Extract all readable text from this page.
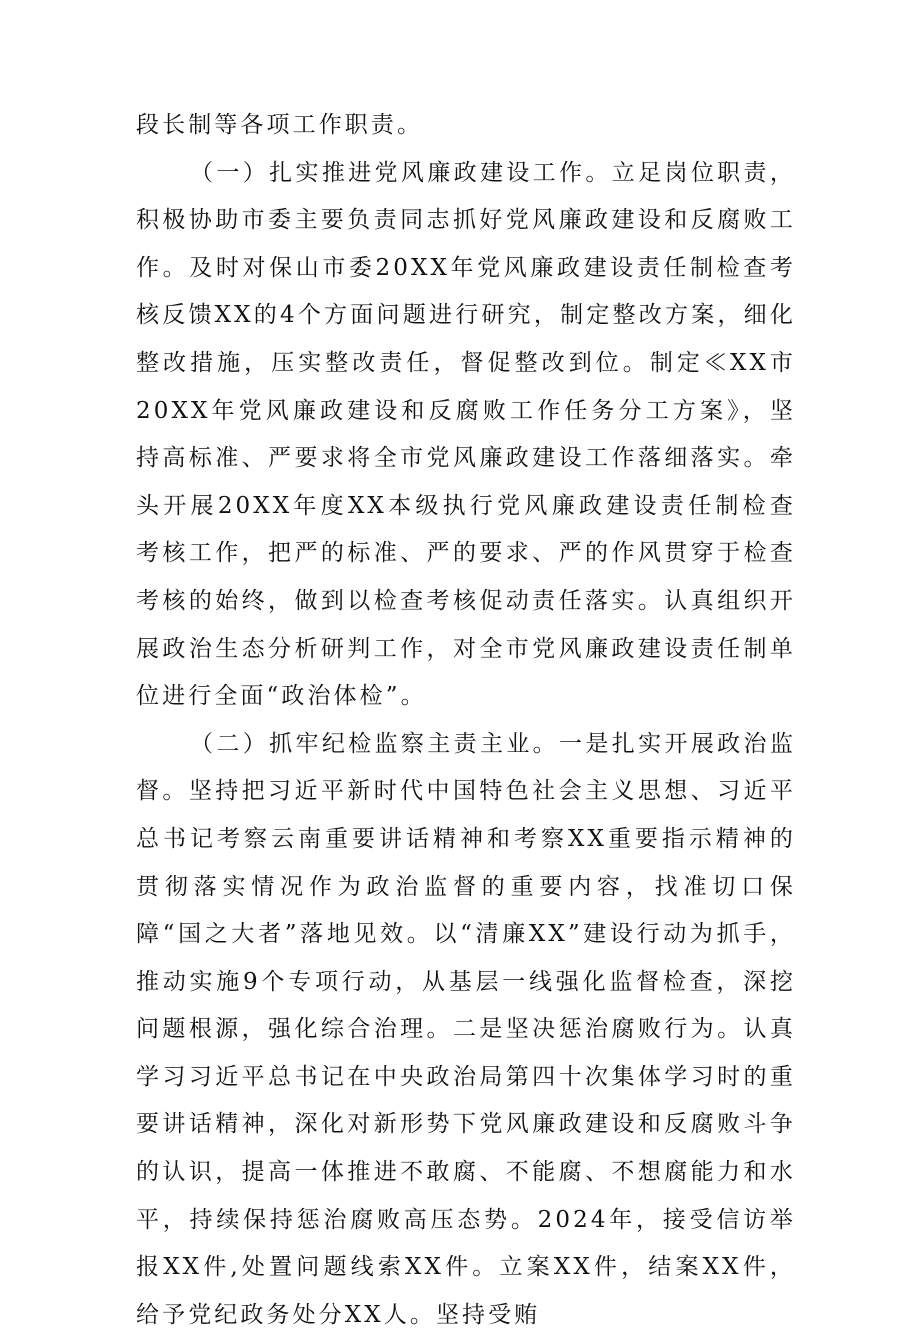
段长制等各项工作职责。

（一）扎实推进党风廉政建设工作。立足岗位职责，积极协助市委主要负责同志抓好党风廉政建设和反腐败工作。及时对保山市委20XX年党风廉政建设责任制检查考核反馈XX的4个方面问题进行研究，制定整改方案，细化整改措施，压实整改责任，督促整改到位。制定≪XX市20XX年党风廉政建设和反腐败工作任务分工方案》，坚持高标准、严要求将全市党风廉政建设工作落细落实。牵头开展20XX年度XX本级执行党风廉政建设责任制检查考核工作，把严的标准、严的要求、严的作风贯穿于检查考核的始终，做到以检查考核促动责任落实。认真组织开展政治生态分析研判工作，对全市党风廉政建设责任制单位进行全面“政治体检”。

（二）抓牢纪检监察主责主业。一是扎实开展政治监督。坚持把习近平新时代中国特色社会主义思想、习近平总书记考察云南重要讲话精神和考察XX重要指示精神的贯彻落实情况作为政治监督的重要内容，找准切口保障“国之大者”落地见效。以“清廉XX”建设行动为抓手，推动实施9个专项行动，从基层一线强化监督检查，深挖问题根源，强化综合治理。二是坚决惩治腐败行为。认真学习习近平总书记在中央政治局第四十次集体学习时的重要讲话精神，深化对新形势下党风廉政建设和反腐败斗争的认识，提高一体推进不敢腐、不能腐、不想腐能力和水平，持续保持惩治腐败高压态势。2024年，接受信访举报XX件,处置问题线索XX件。立案XX件，结案XX件，给予党纪政务处分XX人。坚持受贿
